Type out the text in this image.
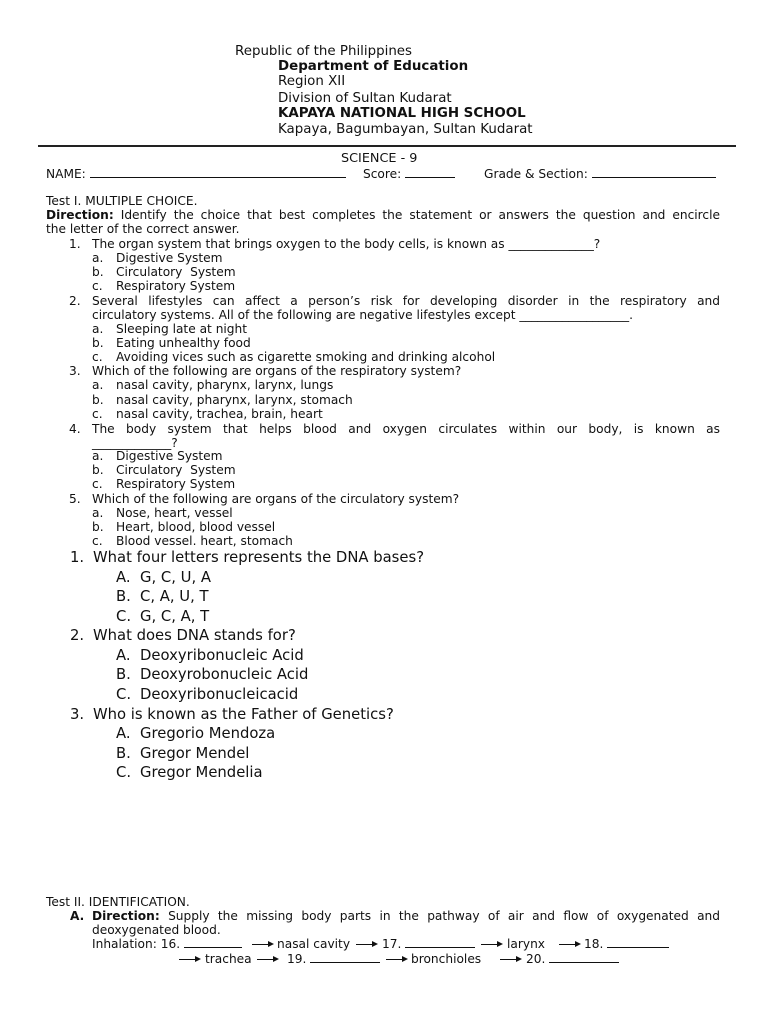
Republic of the Philippines
Department of Education
Region XII
Division of Sultan Kudarat
KAPAYA NATIONAL HIGH SCHOOL
Kapaya, Bagumbayan, Sultan Kudarat
SCIENCE - 9
NAME:	Score:	Grade & Section:
Test I. MULTIPLE CHOICE.
Direction: Identify the choice that best completes the statement or answers the question and encircle
the letter of the correct answer.
1. The organ system that brings oxygen to the body cells, is known as ______________?
a. Digestive System
b. Circulatory  System
c. Respiratory System
2. Several lifestyles can affect a person’s risk for developing disorder in the respiratory and
circulatory systems. All of the following are negative lifestyles except __________________.
a. Sleeping late at night
b. Eating unhealthy food
c. Avoiding vices such as cigarette smoking and drinking alcohol
3. Which of the following are organs of the respiratory system?
a. nasal cavity, pharynx, larynx, lungs
b. nasal cavity, pharynx, larynx, stomach
c. nasal cavity, trachea, brain, heart
4. The body system that helps blood and oxygen circulates within our body, is known as
_____________?
a. Digestive System
b. Circulatory  System
c. Respiratory System
5. Which of the following are organs of the circulatory system?
a. Nose, heart, vessel
b. Heart, blood, blood vessel
c. Blood vessel. heart, stomach
1. What four letters represents the DNA bases?
A. G, C, U, A
B. C, A, U, T
C. G, C, A, T
2. What does DNA stands for?
A. Deoxyribonucleic Acid
B. Deoxyrobonucleic Acid
C. Deoxyribonucleicacid
3. Who is known as the Father of Genetics?
A. Gregorio Mendoza
B. Gregor Mendel
C. Gregor Mendelia
Test II. IDENTIFICATION.
A. Direction: Supply the missing body parts in the pathway of air and flow of oxygenated and
deoxygenated blood.
Inhalation: 16.	nasal cavity	17.	larynx	18.
trachea	19.	bronchioles	20.
